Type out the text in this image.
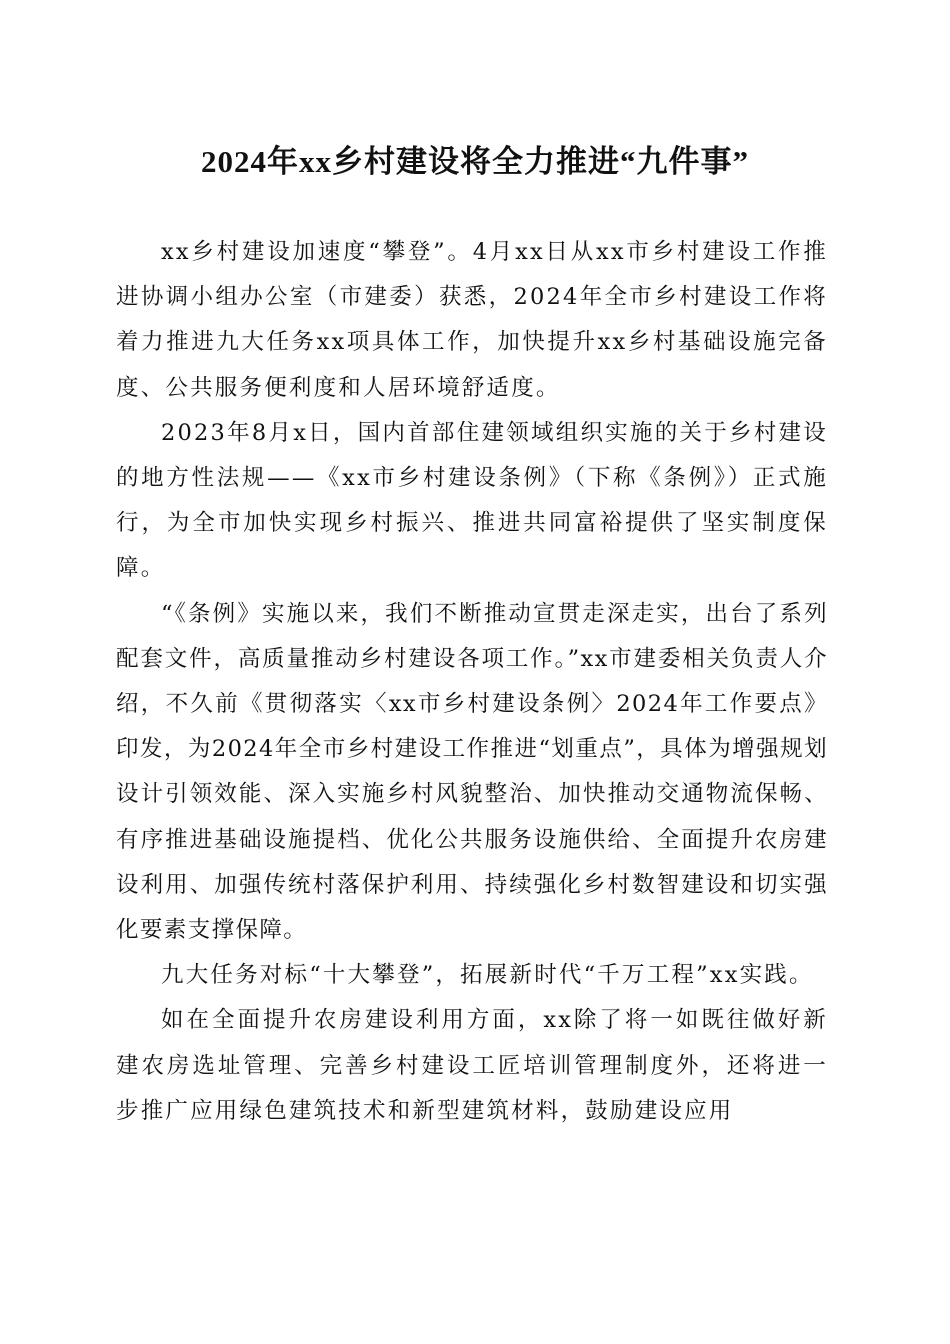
2024年xx乡村建设将全力推进“九件事”

xx乡村建设加速度“攀登”。4月xx日从xx市乡村建设工作推进协调小组办公室（市建委）获悉，2024年全市乡村建设工作将着力推进九大任务xx项具体工作，加快提升xx乡村基础设施完备度、公共服务便利度和人居环境舒适度。

2023年8月x日，国内首部住建领域组织实施的关于乡村建设的地方性法规——《xx市乡村建设条例》（下称《条例》）正式施行，为全市加快实现乡村振兴、推进共同富裕提供了坚实制度保障。

“《条例》实施以来，我们不断推动宣贯走深走实，出台了系列配套文件，高质量推动乡村建设各项工作。”xx市建委相关负责人介绍，不久前《贯彻落实〈xx市乡村建设条例〉2024年工作要点》印发，为2024年全市乡村建设工作推进“划重点”，具体为增强规划设计引领效能、深入实施乡村风貌整治、加快推动交通物流保畅、有序推进基础设施提档、优化公共服务设施供给、全面提升农房建设利用、加强传统村落保护利用、持续强化乡村数智建设和切实强化要素支撑保障。

九大任务对标“十大攀登”，拓展新时代“千万工程”xx实践。

如在全面提升农房建设利用方面，xx除了将一如既往做好新建农房选址管理、完善乡村建设工匠培训管理制度外，还将进一步推广应用绿色建筑技术和新型建筑材料，鼓励建设应用
